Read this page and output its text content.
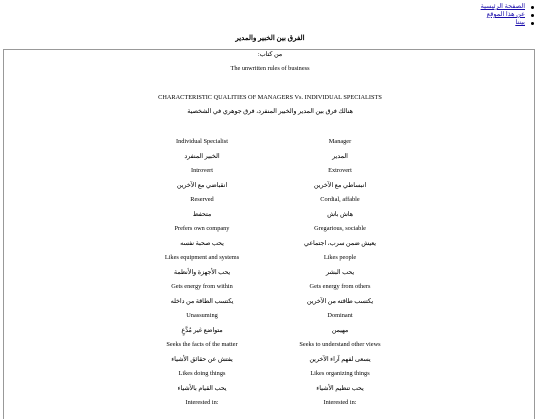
الصفحة الرئيسية
عن هذا الموقع
بيننا
الفرق بين الخبير والمدير
من كتاب:
The unwritten rules of business
CHARACTERISTIC QUALITIES OF MANAGERS Vs. INDIVIDUAL SPECIALISTS
هنالك فرق بين المدير والخبير المنفرد، فرق جوهري في الشخصية
Individual Specialist	Manager
الخبير المنفرد	المدير
Introvert	Extrovert
انقباضي مع الآخرين	انبساطي مع الآخرين
Reserved	Cordial, affable
متحفظ	هاش باش
Prefers own company	Gregarious, sociable
يحب صحبة نفسه	يعيش ضمن سرب، اجتماعي
Likes equipment and systems	Likes people
يحب الأجهزة والأنظمة	يحب البشر
Gets energy from within	Gets energy from others
يكتسب الطاقة من داخله	يكتسب طاقته من الآخرين
Unassuming	Dominant
متواضع غير مُدَّعٍ	مهيمن
Seeks the facts of the matter	Seeks to understand other views
يفتش عن حقائق الأشياء	يسعى لفهم آراء الآخرين
Likes doing things	Likes organizing things
يحب القيام بالأشياء	يحب تنظيم الأشياء
Interested in:	Interested in:
